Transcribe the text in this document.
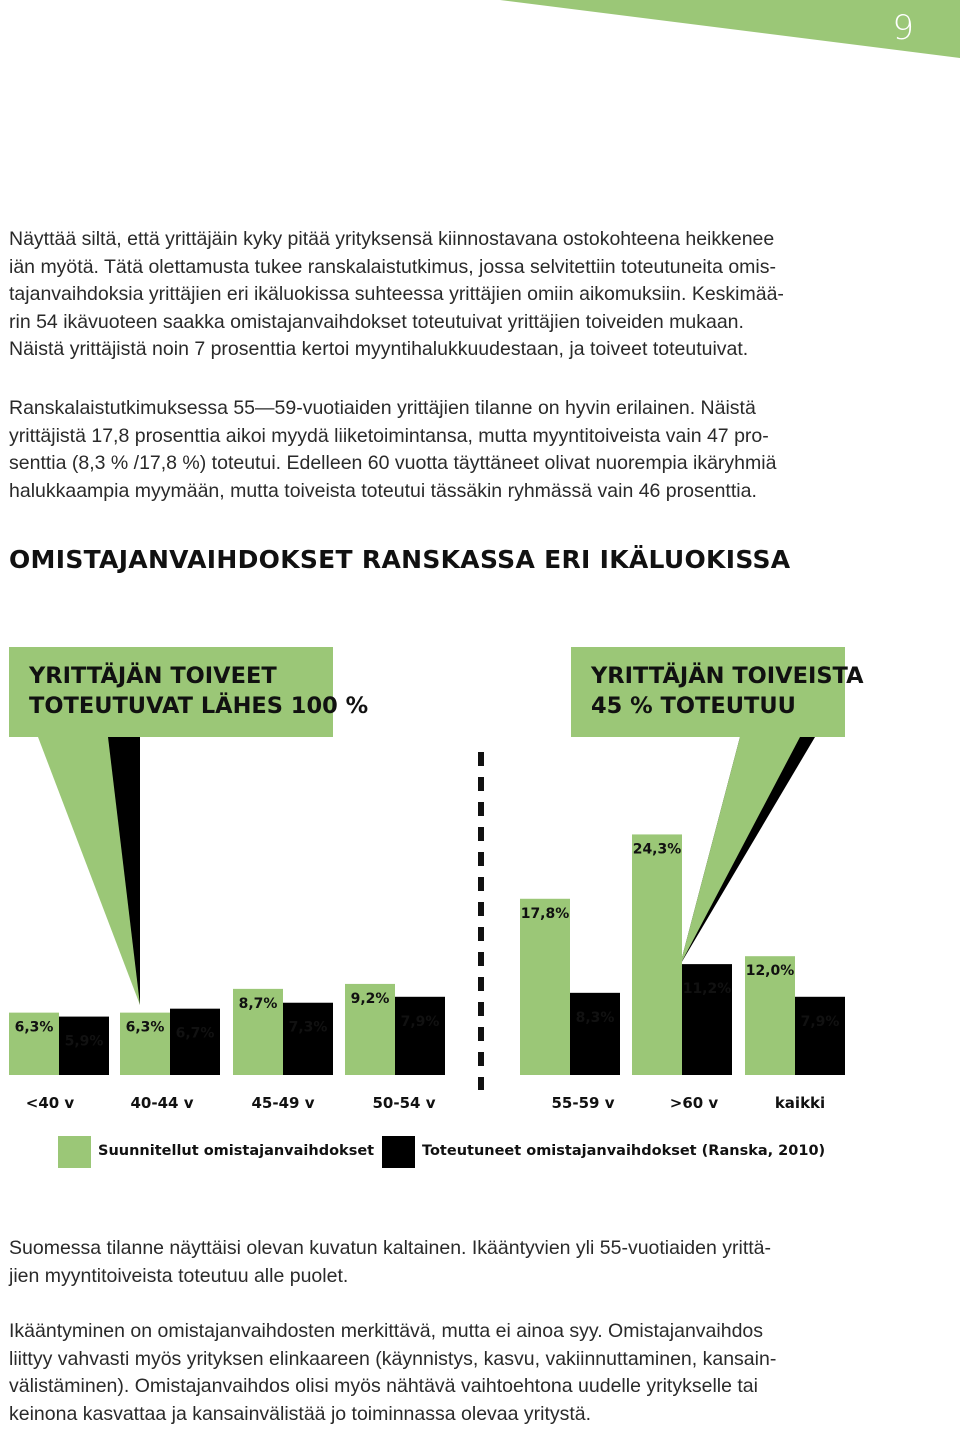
9
Näyttää siltä, että yrittäjäin kyky pitää yrityksensä kiinnostavana ostokohteena heikkenee
iän myötä. Tätä olettamusta tukee ranskalaistutkimus, jossa selvitettiin toteutuneita omis-
tajanvaihdoksia yrittäjien eri ikäluokissa suhteessa yrittäjien omiin aikomuksiin. Keskimää-
rin 54 ikävuoteen saakka omistajanvaihdokset toteutuivat yrittäjien toiveiden mukaan.
Näistä yrittäjistä noin 7 prosenttia kertoi myyntihalukkuudestaan, ja toiveet toteutuivat.
Ranskalaistutkimuksessa 55—59-vuotiaiden yrittäjien tilanne on hyvin erilainen. Näistä
yrittäjistä 17,8 prosenttia aikoi myydä liiketoimintansa, mutta myyntitoiveista vain 47 pro-
senttia (8,3 % /17,8 %) toteutui. Edelleen 60 vuotta täyttäneet olivat nuorempia ikäryhmiä
halukkaampia myymään, mutta toiveista toteutui tässäkin ryhmässä vain 46 prosenttia.
OMISTAJANVAIHDOKSET RANSKASSA ERI IKÄLUOKISSA
YRITTÄJÄN TOIVEET
TOTEUTUVAT LÄHES 100 %
YRITTÄJÄN TOIVEISTA
45 % TOTEUTUU
6,3%
5,9%
6,3% 6,7%
8,7%
7,3%
9,2%
7,9%
17,8%
8,3%
24,3%
11,2%
12,0%
7,9%
<40 v	40-44 v	45-49 v	50-54 v	55-59 v	>60 v	kaikki
Suunnitellut omistajanvaihdokset	Toteutuneet omistajanvaihdokset (Ranska, 2010)
Suomessa tilanne näyttäisi olevan kuvatun kaltainen. Ikääntyvien yli 55-vuotiaiden yrittä-
jien myyntitoiveista toteutuu alle puolet.
Ikääntyminen on omistajanvaihdosten merkittävä, mutta ei ainoa syy. Omistajanvaihdos
liittyy vahvasti myös yrityksen elinkaareen (käynnistys, kasvu, vakiinnuttaminen, kansain-
välistäminen). Omistajanvaihdos olisi myös nähtävä vaihtoehtona uudelle yritykselle tai
keinona kasvattaa ja kansainvälistää jo toiminnassa olevaa yritystä.
